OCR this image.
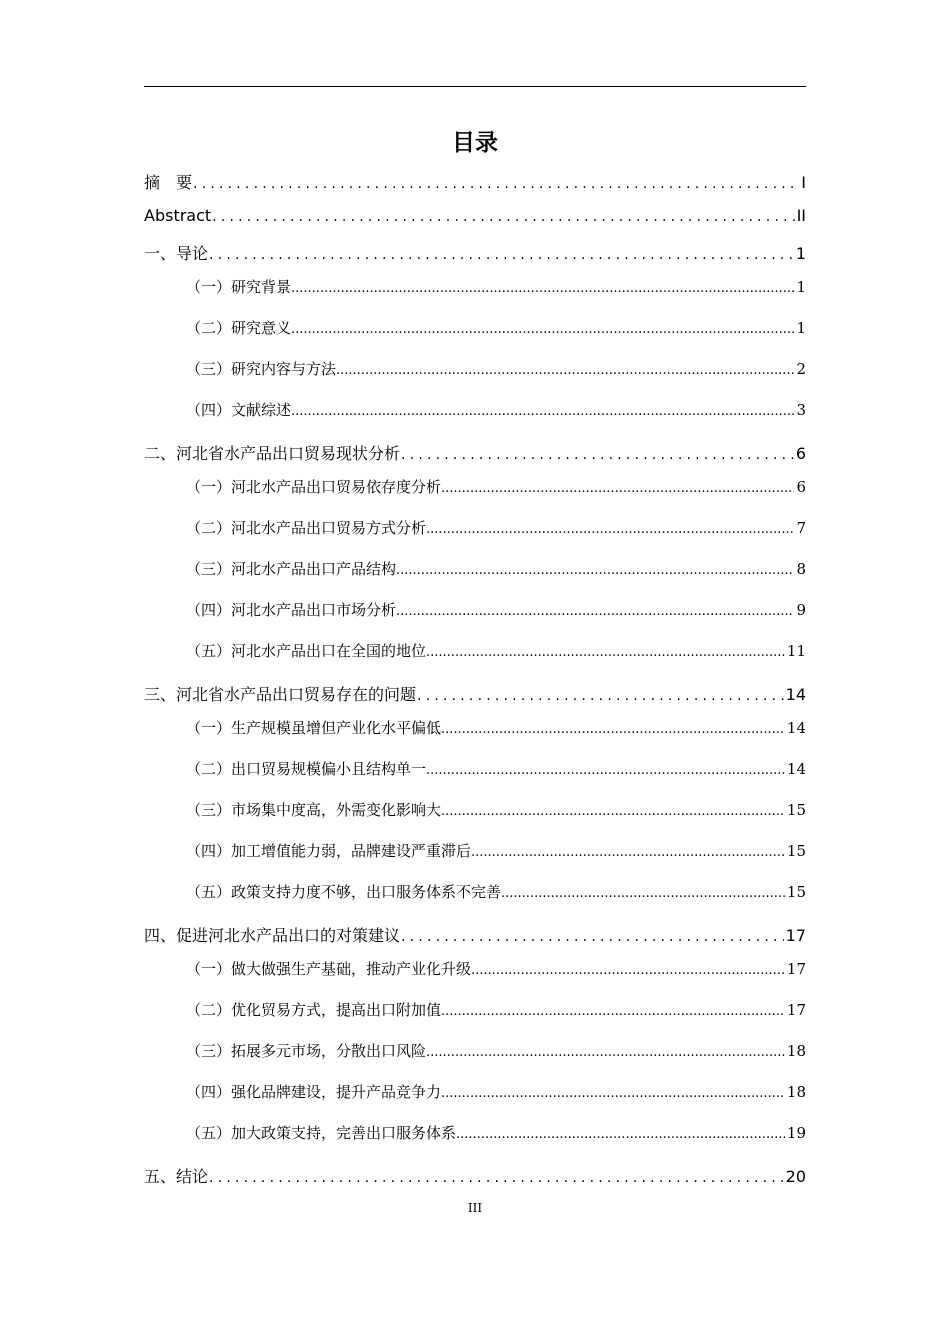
目录
摘　要 .....	I
Abstract .....	II
一、导论 .....	1
（一）研究背景 .....	1
（二）研究意义 .....	1
（三）研究内容与方法 .....	2
（四）文献综述 .....	3
二、河北省水产品出口贸易现状分析 .....	6
（一）河北水产品出口贸易依存度分析 .....	6
（二）河北水产品出口贸易方式分析 .....	7
（三）河北水产品出口产品结构 .....	8
（四）河北水产品出口市场分析 .....	9
（五）河北水产品出口在全国的地位 .....	11
三、河北省水产品出口贸易存在的问题 .....	14
（一）生产规模虽增但产业化水平偏低 .....	14
（二）出口贸易规模偏小且结构单一 .....	14
（三）市场集中度高，外需变化影响大 .....	15
（四）加工增值能力弱，品牌建设严重滞后 .....	15
（五）政策支持力度不够，出口服务体系不完善 .....	15
四、促进河北水产品出口的对策建议 .....	17
（一）做大做强生产基础，推动产业化升级 .....	17
（二）优化贸易方式，提高出口附加值 .....	17
（三）拓展多元市场，分散出口风险 .....	18
（四）强化品牌建设，提升产品竞争力 .....	18
（五）加大政策支持，完善出口服务体系 .....	19
五、结论 .....	20
III
